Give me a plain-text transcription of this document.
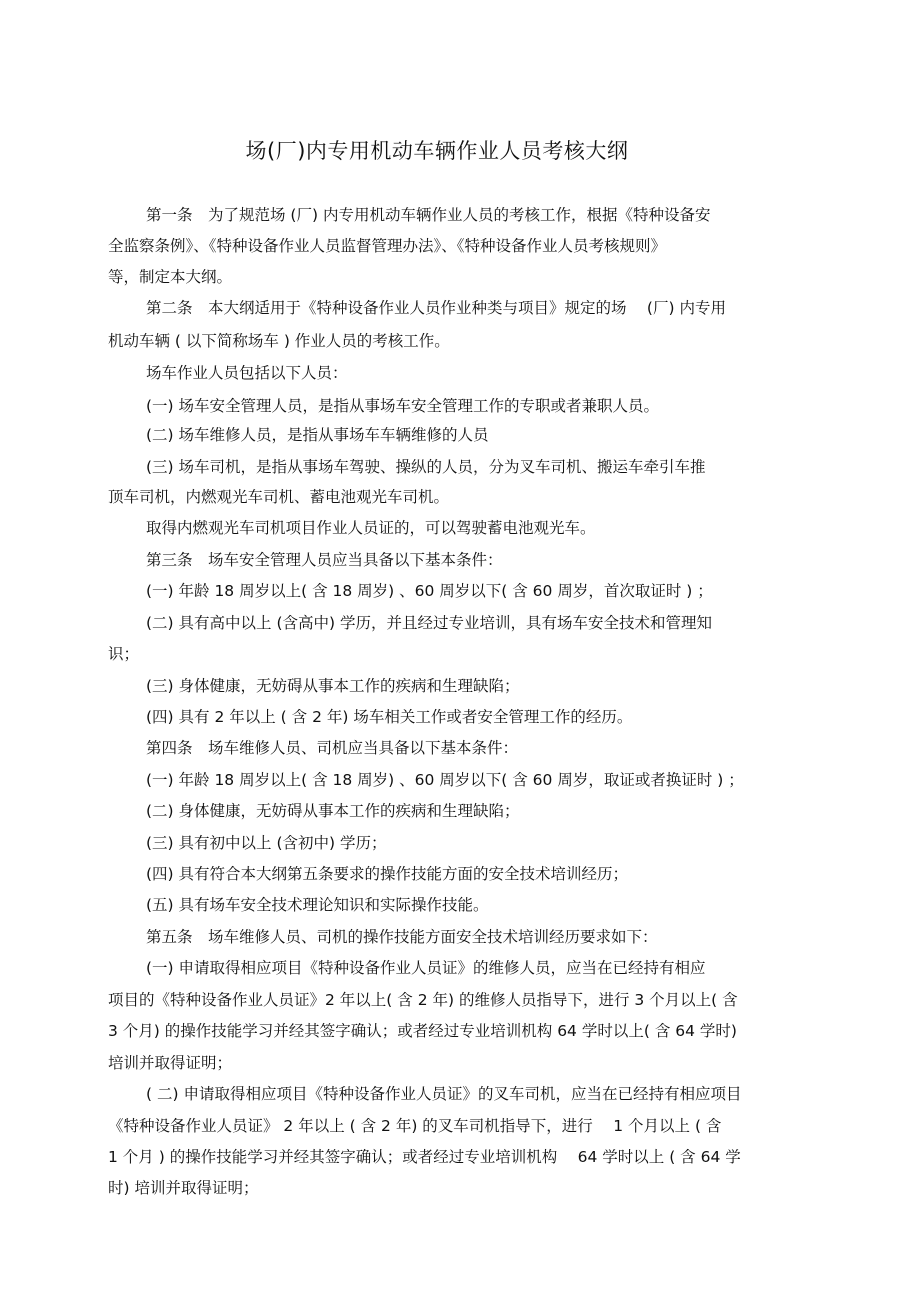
场(厂)内专用机动车辆作业人员考核大纲

第一条　为了规范场 (厂) 内专用机动车辆作业人员的考核工作，根据《特种设备安

全监察条例》、《特种设备作业人员监督管理办法》、《特种设备作业人员考核规则》

等，制定本大纲。

第二条　本大纲适用于《特种设备作业人员作业种类与项目》规定的场　 (厂) 内专用

机动车辆 ( 以下简称场车 ) 作业人员的考核工作。

场车作业人员包括以下人员：

(一) 场车安全管理人员，是指从事场车安全管理工作的专职或者兼职人员。

(二) 场车维修人员，是指从事场车车辆维修的人员

(三) 场车司机，是指从事场车驾驶、操纵的人员，分为叉车司机、搬运车牵引车推

顶车司机，内燃观光车司机、蓄电池观光车司机。

取得内燃观光车司机项目作业人员证的，可以驾驶蓄电池观光车。

第三条　场车安全管理人员应当具备以下基本条件：

(一) 年龄 18 周岁以上( 含 18 周岁) 、60 周岁以下( 含 60 周岁，首次取证时 ) ；

(二) 具有高中以上 (含高中) 学历，并且经过专业培训，具有场车安全技术和管理知

识；

(三) 身体健康，无妨碍从事本工作的疾病和生理缺陷；

(四) 具有 2 年以上 ( 含 2 年) 场车相关工作或者安全管理工作的经历。

第四条　场车维修人员、司机应当具备以下基本条件：

(一) 年龄 18 周岁以上( 含 18 周岁) 、60 周岁以下( 含 60 周岁，取证或者换证时 ) ；

(二) 身体健康，无妨碍从事本工作的疾病和生理缺陷；

(三) 具有初中以上 (含初中) 学历；

(四) 具有符合本大纲第五条要求的操作技能方面的安全技术培训经历；

(五) 具有场车安全技术理论知识和实际操作技能。

第五条　场车维修人员、司机的操作技能方面安全技术培训经历要求如下：

(一) 申请取得相应项目《特种设备作业人员证》的维修人员，应当在已经持有相应

项目的《特种设备作业人员证》2 年以上( 含 2 年) 的维修人员指导下，进行 3 个月以上( 含

3 个月) 的操作技能学习并经其签字确认；或者经过专业培训机构 64 学时以上( 含 64 学时)

培训并取得证明；

( 二) 申请取得相应项目《特种设备作业人员证》的叉车司机，应当在已经持有相应项目

《特种设备作业人员证》 2 年以上 ( 含 2 年) 的叉车司机指导下，进行　 1 个月以上 ( 含

1 个月 ) 的操作技能学习并经其签字确认；或者经过专业培训机构　 64 学时以上 ( 含 64 学

时) 培训并取得证明；
